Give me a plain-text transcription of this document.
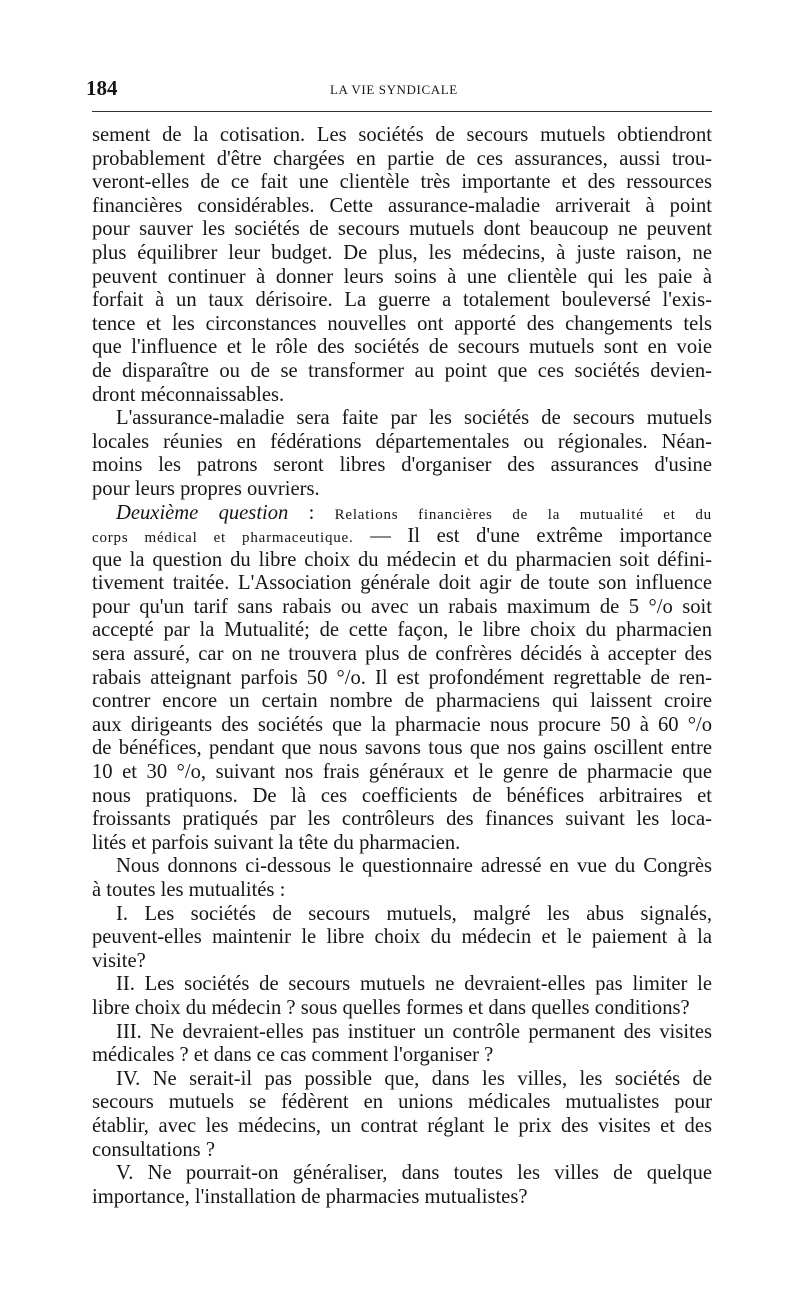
184	LA VIE SYNDICALE
sement de la cotisation. Les sociétés de secours mutuels obtiendront
probablement d'être chargées en partie de ces assurances, aussi trou-
veront-elles de ce fait une clientèle très importante et des ressources
financières considérables. Cette assurance-maladie arriverait à point
pour sauver les sociétés de secours mutuels dont beaucoup ne peuvent
plus équilibrer leur budget. De plus, les médecins, à juste raison, ne
peuvent continuer à donner leurs soins à une clientèle qui les paie à
forfait à un taux dérisoire. La guerre a totalement bouleversé l'exis-
tence et les circonstances nouvelles ont apporté des changements tels
que l'influence et le rôle des sociétés de secours mutuels sont en voie
de disparaître ou de se transformer au point que ces sociétés devien-
dront méconnaissables.
L'assurance-maladie sera faite par les sociétés de secours mutuels
locales réunies en fédérations départementales ou régionales. Néan-
moins les patrons seront libres d'organiser des assurances d'usine
pour leurs propres ouvriers.
Deuxième question : Relations financières de la mutualité et du
corps médical et pharmaceutique. — Il est d'une extrême importance
que la question du libre choix du médecin et du pharmacien soit défini-
tivement traitée. L'Association générale doit agir de toute son influence
pour qu'un tarif sans rabais ou avec un rabais maximum de 5 °/o soit
accepté par la Mutualité; de cette façon, le libre choix du pharmacien
sera assuré, car on ne trouvera plus de confrères décidés à accepter des
rabais atteignant parfois 50 °/o. Il est profondément regrettable de ren-
contrer encore un certain nombre de pharmaciens qui laissent croire
aux dirigeants des sociétés que la pharmacie nous procure 50 à 60 °/o
de bénéfices, pendant que nous savons tous que nos gains oscillent entre
10 et 30 °/o, suivant nos frais généraux et le genre de pharmacie que
nous pratiquons. De là ces coefficients de bénéfices arbitraires et
froissants pratiqués par les contrôleurs des finances suivant les loca-
lités et parfois suivant la tête du pharmacien.
Nous donnons ci-dessous le questionnaire adressé en vue du Congrès
à toutes les mutualités :
I. Les sociétés de secours mutuels, malgré les abus signalés,
peuvent-elles maintenir le libre choix du médecin et le paiement à la
visite?
II. Les sociétés de secours mutuels ne devraient-elles pas limiter le
libre choix du médecin ? sous quelles formes et dans quelles conditions?
III. Ne devraient-elles pas instituer un contrôle permanent des visites
médicales ? et dans ce cas comment l'organiser ?
IV. Ne serait-il pas possible que, dans les villes, les sociétés de
secours mutuels se fédèrent en unions médicales mutualistes pour
établir, avec les médecins, un contrat réglant le prix des visites et des
consultations ?
V. Ne pourrait-on généraliser, dans toutes les villes de quelque
importance, l'installation de pharmacies mutualistes?
